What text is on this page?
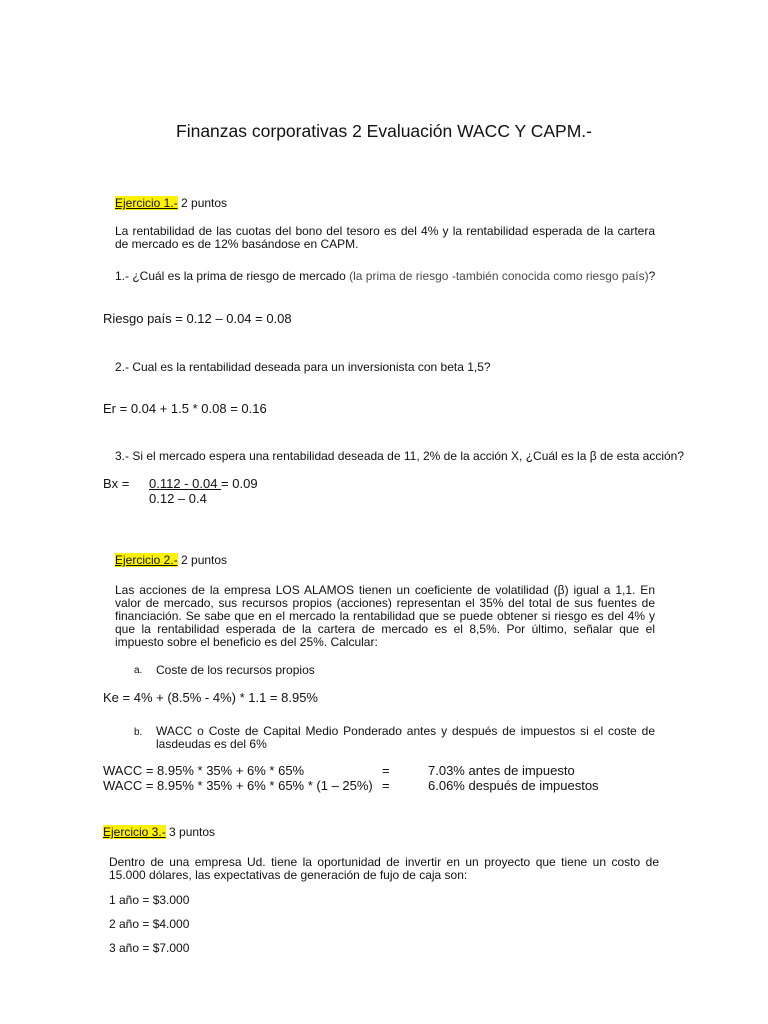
Finanzas corporativas 2 Evaluación WACC Y CAPM.-
Ejercicio 1.- 2 puntos
La rentabilidad de las cuotas del bono del tesoro es del 4% y la rentabilidad esperada de la cartera de mercado es de 12% basándose en CAPM.
1.- ¿Cuál es la prima de riesgo de mercado (la prima de riesgo -también conocida como riesgo país)?
Riesgo país = 0.12 – 0.04 = 0.08
2.- Cual es la rentabilidad deseada para un inversionista con beta 1,5?
Er = 0.04 + 1.5 * 0.08 = 0.16
3.- Si el mercado espera una rentabilidad deseada de 11, 2% de la acción X, ¿Cuál es la β de esta acción?
Bx = 0.112 - 0.04 = 0.09
0.12 – 0.4
Ejercicio 2.- 2 puntos
Las acciones de la empresa LOS ALAMOS tienen un coeficiente de volatilidad (β) igual a 1,1. En valor de mercado, sus recursos propios (acciones) representan el 35% del total de sus fuentes de financiación. Se sabe que en el mercado la rentabilidad que se puede obtener si riesgo es del 4% y que la rentabilidad esperada de la cartera de mercado es el 8,5%. Por último, señalar que el impuesto sobre el beneficio es del 25%. Calcular:
a. Coste de los recursos propios
Ke = 4% + (8.5% - 4%) * 1.1 = 8.95%
b. WACC o Coste de Capital Medio Ponderado antes y después de impuestos si el coste de lasdeudas es del 6%
WACC = 8.95% * 35% + 6% * 65%	=	7.03% antes de impuesto
WACC = 8.95% * 35% + 6% * 65% * (1 – 25%) =	6.06% después de impuestos
Ejercicio 3.- 3 puntos
Dentro de una empresa Ud. tiene la oportunidad de invertir en un proyecto que tiene un costo de 15.000 dólares, las expectativas de generación de fujo de caja son:
1 año = $3.000
2 año = $4.000
3 año = $7.000
